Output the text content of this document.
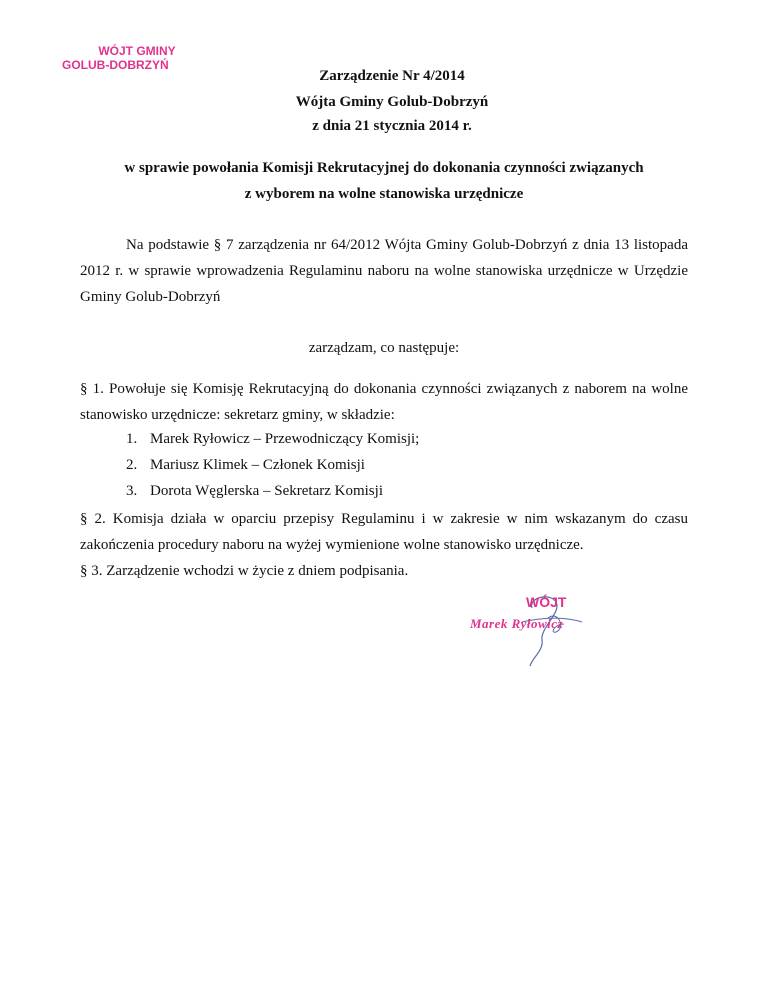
WÓJT GMINY
GOLUB-DOBRZYŃ
Zarządzenie Nr 4/2014
Wójta Gminy Golub-Dobrzyń
z dnia 21 stycznia 2014 r.
w sprawie powołania Komisji Rekrutacyjnej do dokonania czynności związanych
z wyborem na wolne stanowiska urzędnicze
Na podstawie § 7 zarządzenia nr 64/2012 Wójta Gminy Golub-Dobrzyń z dnia 13 listopada 2012 r. w sprawie wprowadzenia Regulaminu naboru na wolne stanowiska urzędnicze w Urzędzie Gminy Golub-Dobrzyń
zarządzam, co następuje:
§ 1. Powołuje się Komisję Rekrutacyjną do dokonania czynności związanych z naborem na wolne stanowisko urzędnicze: sekretarz gminy, w składzie:
1. Marek Ryłowicz – Przewodniczący Komisji;
2. Mariusz Klimek – Członek Komisji
3. Dorota Węglerska – Sekretarz Komisji
§ 2. Komisja działa w oparciu przepisy Regulaminu i w zakresie w nim wskazanym do czasu zakończenia procedury naboru na wyżej wymienione wolne stanowisko urzędnicze.
§ 3. Zarządzenie wchodzi w życie z dniem podpisania.
WÓJT
Marek Ryłowicz
